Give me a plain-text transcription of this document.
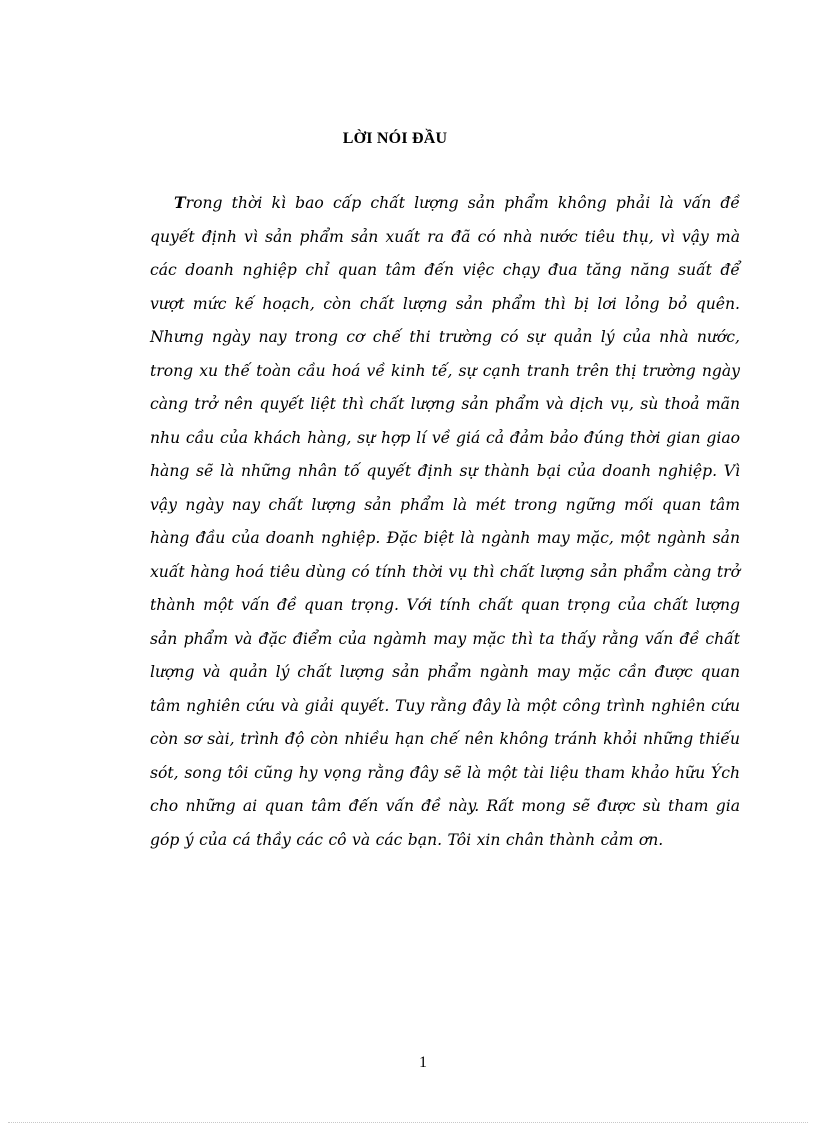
LỜI NÓI ĐẦU

Trong thời kì bao cấp chất lượng sản phẩm không phải là vấn đề quyết định vì sản phẩm sản xuất ra đã có nhà nước tiêu thụ, vì vậy mà các doanh nghiệp chỉ quan tâm đến việc chạy đua tăng năng suất để vượt mức kế hoạch, còn chất lượng sản phẩm thì bị lơi lỏng bỏ quên. Nhưng ngày nay trong cơ chế thi trường có sự quản lý của nhà nước, trong xu thế toàn cầu hoá về kinh tế, sự cạnh tranh trên thị trường ngày càng trở nên quyết liệt thì chất lượng sản phẩm và dịch vụ, sù thoả mãn nhu cầu của khách hàng, sự hợp lí về giá cả đảm bảo đúng thời gian giao hàng sẽ là những nhân tố quyết định sự thành bại của doanh nghiệp. Vì vậy ngày nay chất lượng sản phẩm là mét trong ngững mối quan tâm hàng đầu của doanh nghiệp. Đặc biệt là ngành may mặc, một ngành sản xuất hàng hoá tiêu dùng có tính thời vụ thì chất lượng sản phẩm càng trở thành một vấn đề quan trọng. Với tính chất quan trọng của chất lượng sản phẩm và đặc điểm của ngàmh may mặc thì ta thấy rằng vấn đề chất lượng và quản lý chất lượng sản phẩm ngành may mặc cần được quan tâm nghiên cứu và giải quyết. Tuy rằng đây là một công trình nghiên cứu còn sơ sài, trình độ còn nhiều hạn chế nên không tránh khỏi những thiếu sót, song tôi cũng hy vọng rằng đây sẽ là một tài liệu tham khảo hữu Ých cho những ai quan tâm đến vấn đề này. Rất mong sẽ được sù tham gia góp ý của cá thầy các cô và các bạn. Tôi xin chân thành cảm ơn.

1
